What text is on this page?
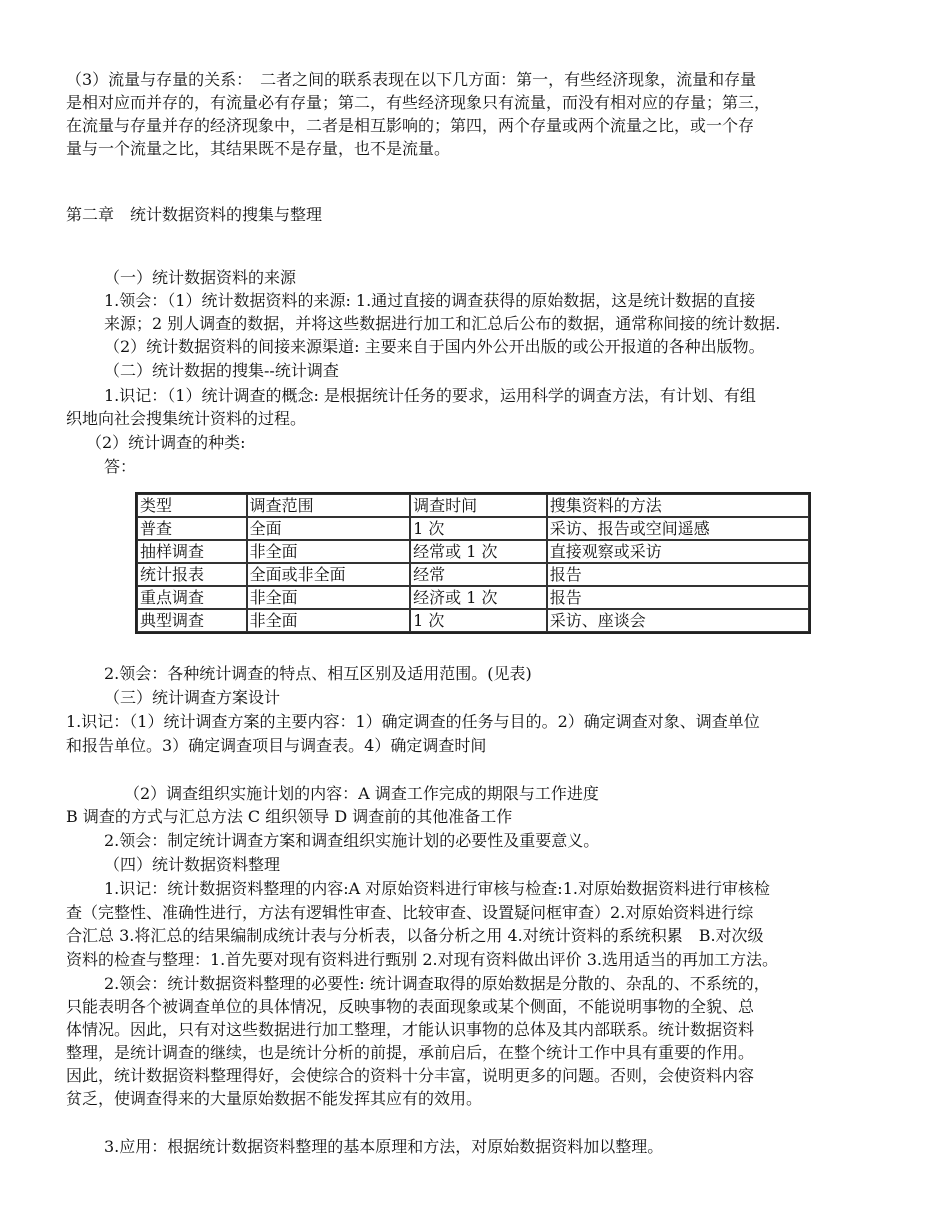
（3）流量与存量的关系：　二者之间的联系表现在以下几方面：第一，有些经济现象，流量和存量
是相对应而并存的，有流量必有存量；第二，有些经济现象只有流量，而没有相对应的存量；第三，
在流量与存量并存的经济现象中，二者是相互影响的；第四，两个存量或两个流量之比，或一个存
量与一个流量之比，其结果既不是存量，也不是流量。
第二章　统计数据资料的搜集与整理
（一）统计数据资料的来源
1.领会：（1）统计数据资料的来源: 1.通过直接的调查获得的原始数据，这是统计数据的直接
来源；2 别人调查的数据，并将这些数据进行加工和汇总后公布的数据，通常称间接的统计数据.
（2）统计数据资料的间接来源渠道: 主要来自于国内外公开出版的或公开报道的各种出版物。
（二）统计数据的搜集--统计调查
1.识记：（1）统计调查的概念: 是根据统计任务的要求，运用科学的调查方法，有计划、有组
织地向社会搜集统计资料的过程。
（2）统计调查的种类:
答：
类型	调查范围	调查时间	搜集资料的方法
普查	全面	1 次	采访、报告或空间遥感
抽样调查	非全面	经常或 1 次	直接观察或采访
统计报表	全面或非全面	经常	报告
重点调查	非全面	经济或 1 次	报告
典型调查	非全面	1 次	采访、座谈会
2.领会：各种统计调查的特点、相互区别及适用范围。(见表)
（三）统计调查方案设计
1.识记：（1）统计调查方案的主要内容：1）确定调查的任务与目的。2）确定调查对象、调查单位
和报告单位。3）确定调查项目与调查表。4）确定调查时间
（2）调查组织实施计划的内容：A 调查工作完成的期限与工作进度
B 调查的方式与汇总方法 C 组织领导 D 调查前的其他准备工作
2.领会：制定统计调查方案和调查组织实施计划的必要性及重要意义。
（四）统计数据资料整理
1.识记：统计数据资料整理的内容:A 对原始资料进行审核与检查:1.对原始数据资料进行审核检
查（完整性、准确性进行，方法有逻辑性审查、比较审查、设置疑问框审查）2.对原始资料进行综
合汇总 3.将汇总的结果编制成统计表与分析表，以备分析之用 4.对统计资料的系统积累　B.对次级
资料的检查与整理：1.首先要对现有资料进行甄别 2.对现有资料做出评价 3.选用适当的再加工方法。
2.领会：统计数据资料整理的必要性: 统计调查取得的原始数据是分散的、杂乱的、不系统的，
只能表明各个被调查单位的具体情况，反映事物的表面现象或某个侧面，不能说明事物的全貌、总
体情况。因此，只有对这些数据进行加工整理，才能认识事物的总体及其内部联系。统计数据资料
整理，是统计调查的继续，也是统计分析的前提，承前启后，在整个统计工作中具有重要的作用。
因此，统计数据资料整理得好，会使综合的资料十分丰富，说明更多的问题。否则，会使资料内容
贫乏，使调查得来的大量原始数据不能发挥其应有的效用。
3.应用：根据统计数据资料整理的基本原理和方法，对原始数据资料加以整理。
